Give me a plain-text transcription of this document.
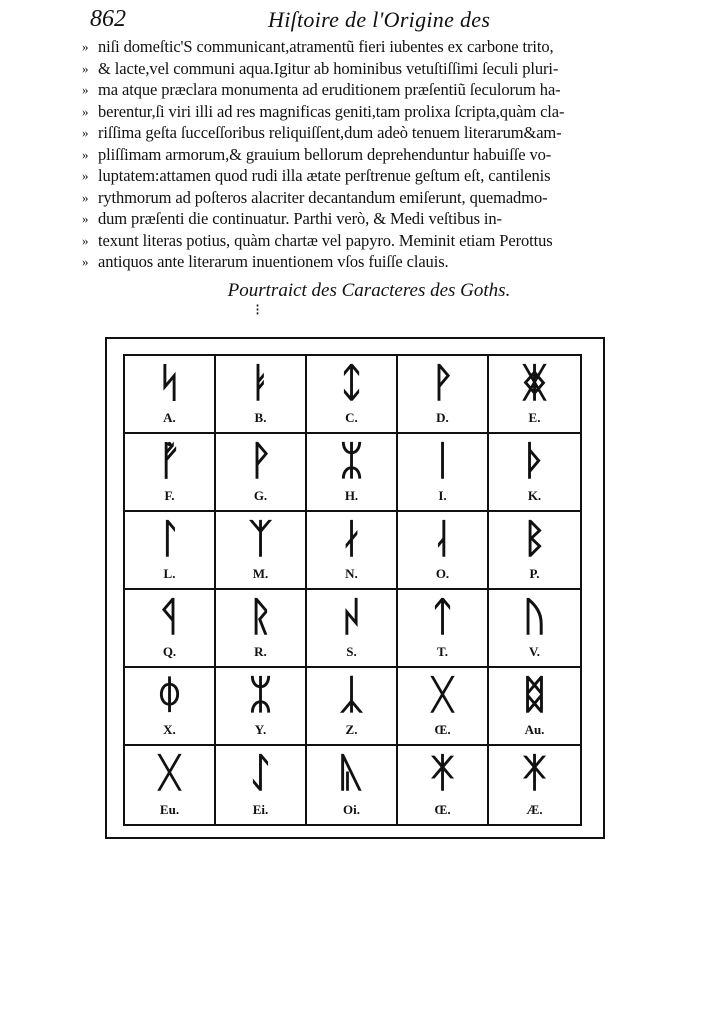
862	Hiſtoire de l'Origine des
» niſi domeſtic'S communicant,atramentũ fieri iubentes ex carbone trito,
» & lacte,vel communi aqua.Igitur ab hominibus vetuſtiſſimi ſeculi pluri-
» ma atque præclara monumenta ad eruditionem præſentiũ ſeculorum ha-
» berentur,ſi viri illi ad res magnificas geniti,tam prolixa ſcripta,quàm cla-
» riſſima geſta ſucceſſoribus reliquiſſent,dum adeò tenuem literarum&am-
» pliſſimam armorum,& grauium bellorum deprehenduntur habuiſſe vo-
» luptatem:attamen quod rudi illa ætate perſtrenue geſtum eſt, cantilenis
» rythmorum ad poſteros alacriter decantandum emiſerunt, quemadmo-
» dum præſenti die continuatur. Parthi verò, & Medi veſtibus in-
» texunt literas potius, quàm chartæ vel papyro. Meminit etiam Perottus
» antiquos ante literarum inuentionem vſos fuiſſe clauis.
Pourtraict des Caracteres des Goths.
⁝
ᛋ
A.
ᛓ
B.
ᛨ
C.
ᚹ
D.
ᛤ
E.
ᚡ
F.
ᚹ
G.
ᛯ
H.
ᛁ
I.
ᚦ
K.
ᛚ
L.
ᛉ
M.
ᛅ
N.
ᛆ
O.
ᛒ
P.
ᛩ
Q.
ᚱ
R.
ᛲ
S.
ᛏ
T.
ᚢ
V.
ᛰ
X.
ᛯ
Y.
ᛣ
Z.
ᚷ
Œ.
ᛥ
Au.
ᚷ
Eu.
ᛇ
Ei.
ᚣ
Oi.
ᛡ
Œ.
ᛡ
Æ.
